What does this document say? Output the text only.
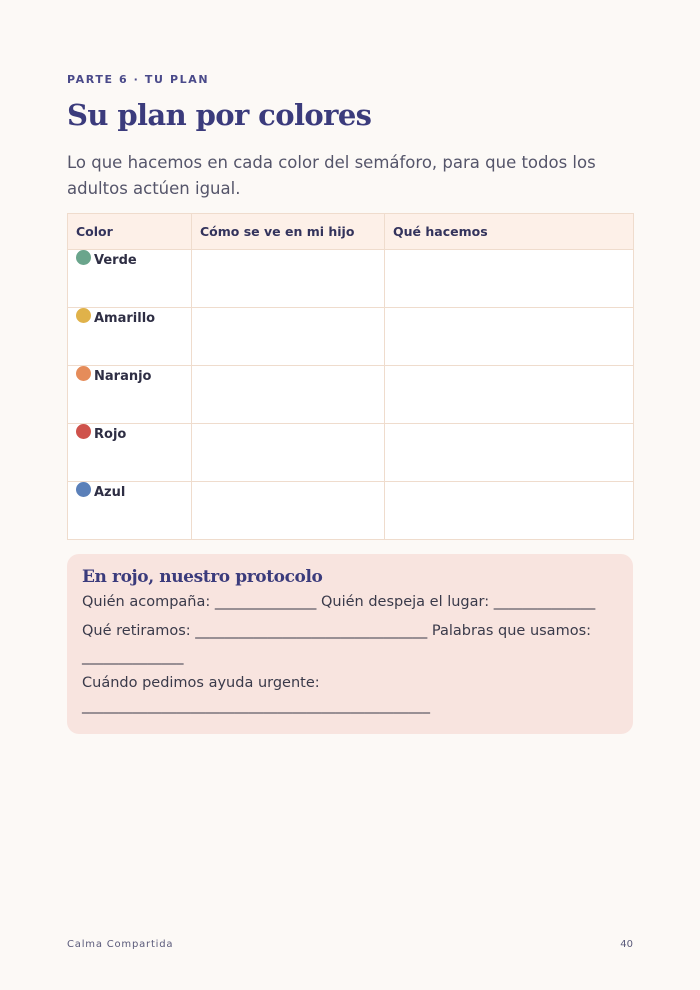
PARTE 6 · TU PLAN
Su plan por colores

Lo que hacemos en cada color del semáforo, para que todos los adultos actúen igual.

Color	Cómo se ve en mi hijo	Qué hacemos
Verde		
Amarillo		
Naranjo		
Rojo		
Azul		
En rojo, nuestro protocolo

Quién acompaña: ______________ Quién despeja el lugar: ______________

Qué retiramos: ________________________________ Palabras que usamos:

______________

Cuándo pedimos ayuda urgente:

________________________________________________

Calma Compartida	40
